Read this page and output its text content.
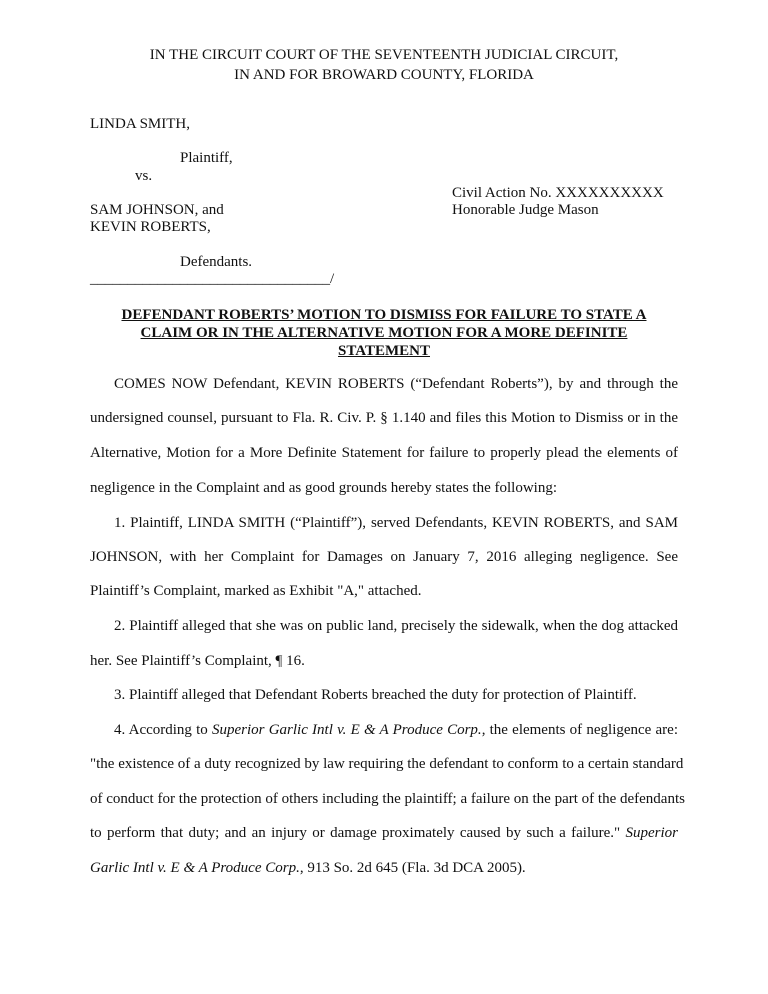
IN THE CIRCUIT COURT OF THE SEVENTEENTH JUDICIAL CIRCUIT,
IN AND FOR BROWARD COUNTY, FLORIDA
LINDA SMITH,
Plaintiff,
vs.
Civil Action No. XXXXXXXXXX
SAM JOHNSON, and	Honorable Judge Mason
KEVIN ROBERTS,
Defendants.
________________________________/
DEFENDANT ROBERTS’ MOTION TO DISMISS FOR FAILURE TO STATE A
CLAIM OR IN THE ALTERNATIVE MOTION FOR A MORE DEFINITE
STATEMENT
COMES NOW Defendant, KEVIN ROBERTS (“Defendant Roberts”), by and through the
undersigned counsel, pursuant to Fla. R. Civ. P. § 1.140 and files this Motion to Dismiss or in the
Alternative, Motion for a More Definite Statement for failure to properly plead the elements of
negligence in the Complaint and as good grounds hereby states the following:
1. Plaintiff, LINDA SMITH (“Plaintiff”), served Defendants, KEVIN ROBERTS, and SAM
JOHNSON, with her Complaint for Damages on January 7, 2016 alleging negligence. See
Plaintiff’s Complaint, marked as Exhibit "A," attached.
2. Plaintiff alleged that she was on public land, precisely the sidewalk, when the dog attacked
her. See Plaintiff’s Complaint, ¶ 16.
3. Plaintiff alleged that Defendant Roberts breached the duty for protection of Plaintiff.
4. According to Superior Garlic Intl v. E & A Produce Corp., the elements of negligence are:
"the existence of a duty recognized by law requiring the defendant to conform to a certain standard
of conduct for the protection of others including the plaintiff; a failure on the part of the defendants
to perform that duty; and an injury or damage proximately caused by such a failure." Superior
Garlic Intl v. E & A Produce Corp., 913 So. 2d 645 (Fla. 3d DCA 2005).
